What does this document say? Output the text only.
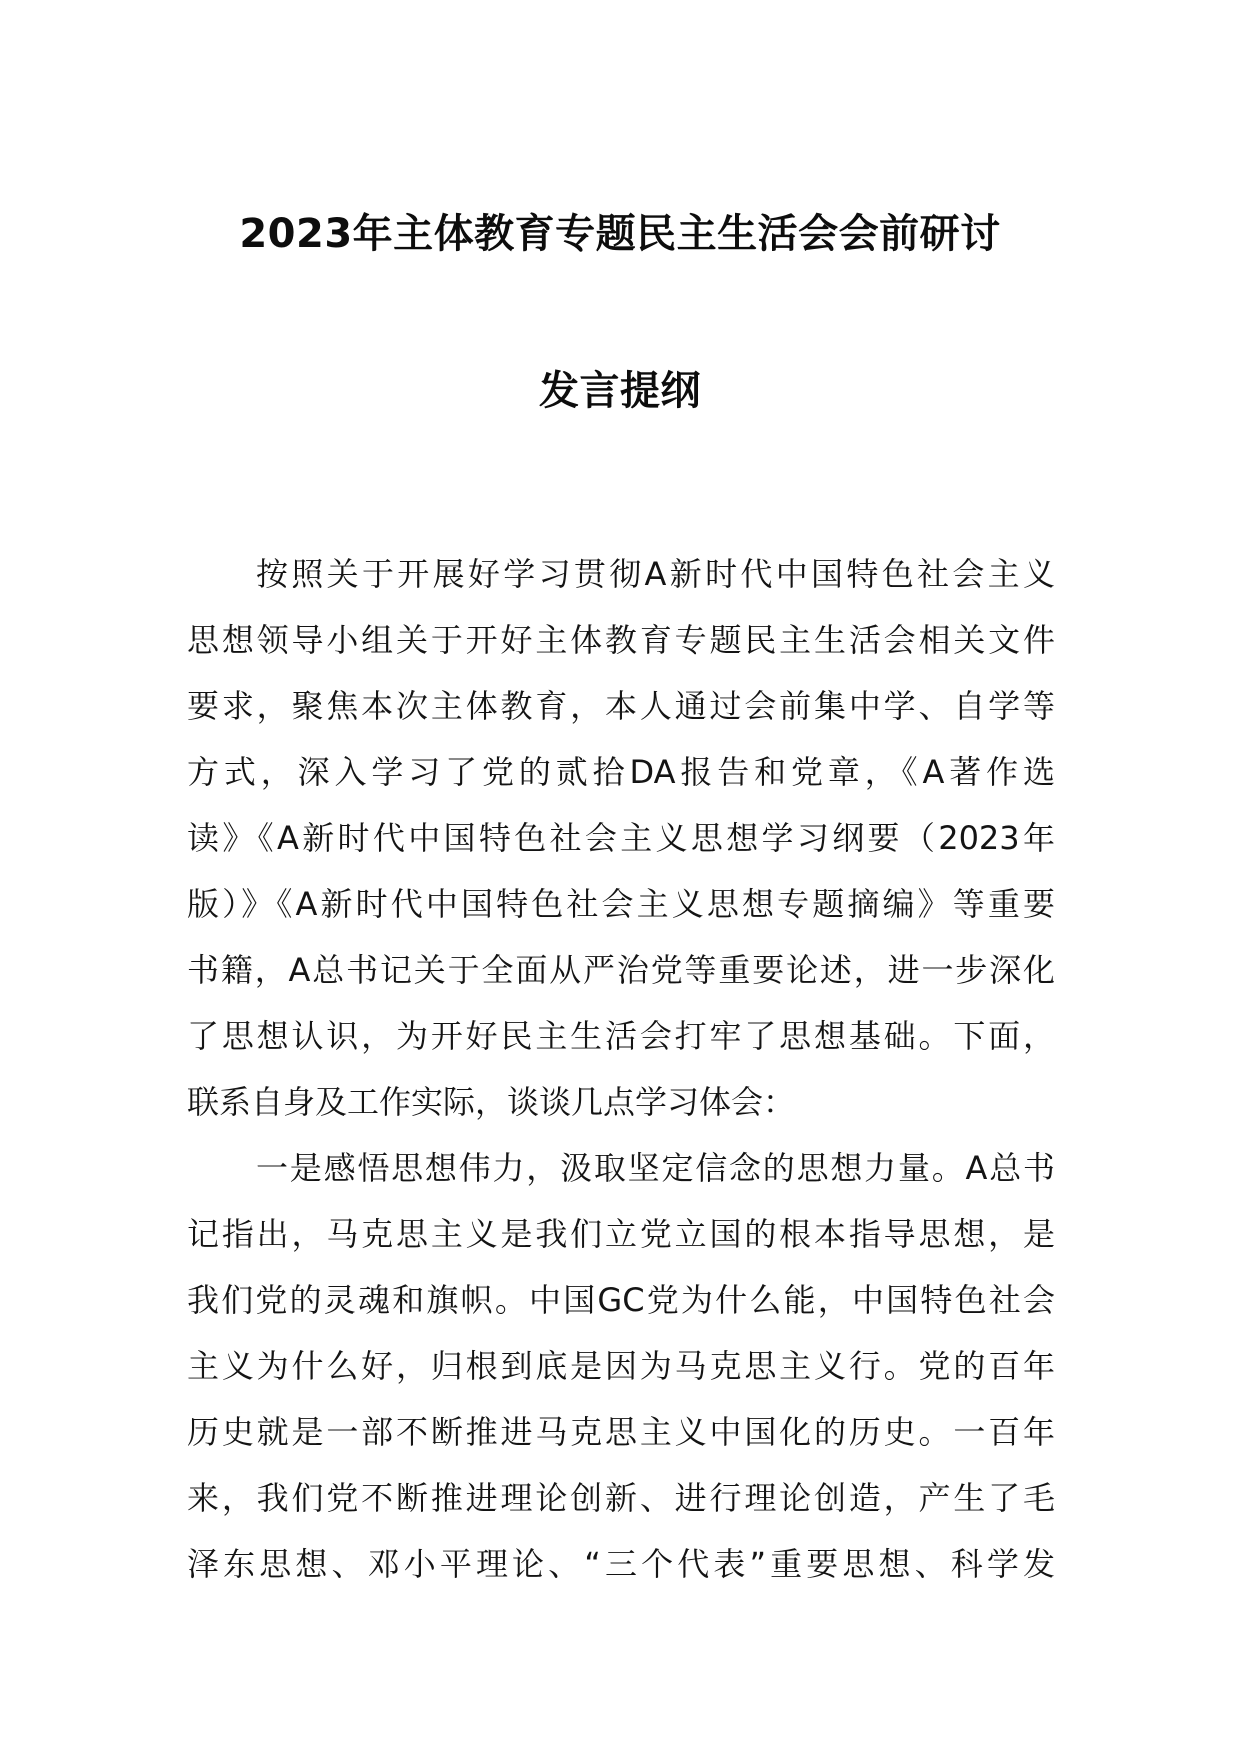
2023年主体教育专题民主生活会会前研讨
发言提纲
按照关于开展好学习贯彻A新时代中国特色社会主义
思想领导小组关于开好主体教育专题民主生活会相关文件
要求，聚焦本次主体教育，本人通过会前集中学、自学等
方式，深入学习了党的贰拾DA报告和党章，《A著作选
读》《A新时代中国特色社会主义思想学习纲要（2023年
版）》《A新时代中国特色社会主义思想专题摘编》等重要
书籍，A总书记关于全面从严治党等重要论述，进一步深化
了思想认识，为开好民主生活会打牢了思想基础。下面，
联系自身及工作实际，谈谈几点学习体会：
一是感悟思想伟力，汲取坚定信念的思想力量。A总书
记指出，马克思主义是我们立党立国的根本指导思想，是
我们党的灵魂和旗帜。中国GC党为什么能，中国特色社会
主义为什么好，归根到底是因为马克思主义行。党的百年
历史就是一部不断推进马克思主义中国化的历史。一百年
来，我们党不断推进理论创新、进行理论创造，产生了毛
泽东思想、邓小平理论、“三个代表”重要思想、科学发
